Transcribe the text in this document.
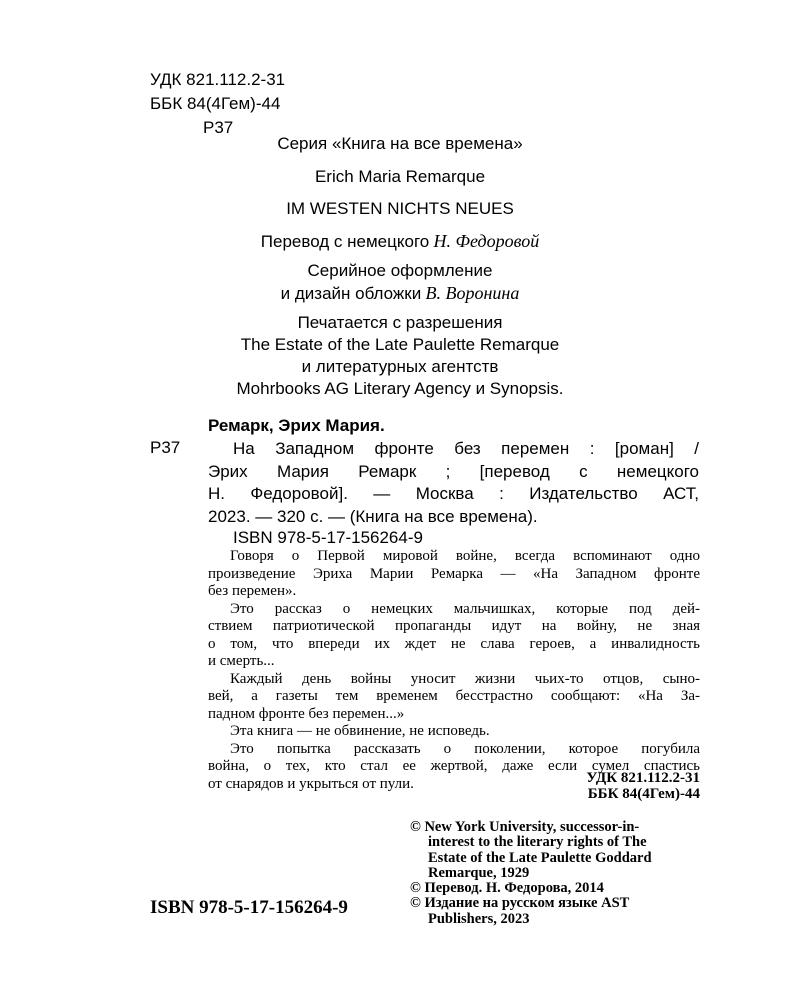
УДК 821.112.2-31
ББК 84(4Гем)-44
Р37
Серия «Книга на все времена»
Erich Maria Remarque
IM WESTEN NICHTS NEUES
Перевод с немецкого Н. Федоровой
Серийное оформление
и дизайн обложки В. Воронина
Печатается с разрешения
The Estate of the Late Paulette Remarque
и литературных агентств
Mohrbooks AG Literary Agency и Synopsis.
Ремарк, Эрих Мария.
Р37	На Западном фронте без перемен : [роман] /
Эрих Мария Ремарк ; [перевод с немецкого
Н. Федоровой]. — Москва : Издательство АСТ,
2023. — 320 с. — (Книга на все времена).
ISBN 978-5-17-156264-9
Говоря о Первой мировой войне, всегда вспоминают одно
произведение Эриха Марии Ремарка — «На Западном фронте
без перемен».
Это рассказ о немецких мальчишках, которые под дей-
ствием патриотической пропаганды идут на войну, не зная
о том, что впереди их ждет не слава героев, а инвалидность
и смерть...
Каждый день войны уносит жизни чьих-то отцов, сыно-
вей, а газеты тем временем бесстрастно сообщают: «На За-
падном фронте без перемен...»
Эта книга — не обвинение, не исповедь.
Это попытка рассказать о поколении, которое погубила
война, о тех, кто стал ее жертвой, даже если сумел спастись
от снарядов и укрыться от пули.	УДК 821.112.2-31
ББК 84(4Гем)-44
© New York University, successor-in-
interest to the literary rights of The
Estate of the Late Paulette Goddard
Remarque, 1929
© Перевод. Н. Федорова, 2014
© Издание на русском языке AST
Publishers, 2023
ISBN 978-5-17-156264-9
